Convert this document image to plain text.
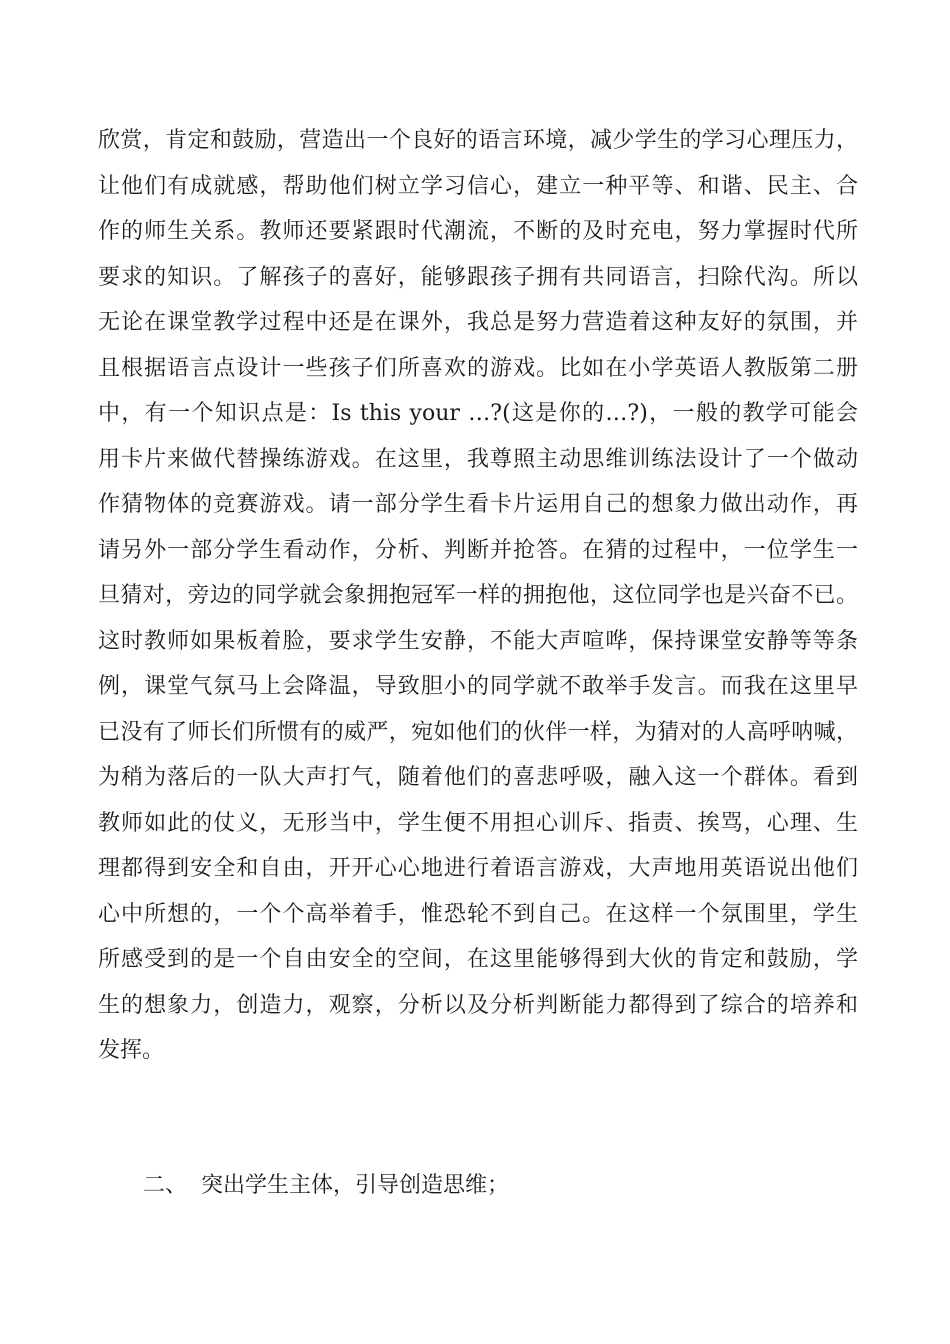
欣赏，肯定和鼓励，营造出一个良好的语言环境，减少学生的学习心理压力，
让他们有成就感，帮助他们树立学习信心，建立一种平等、和谐、民主、合
作的师生关系。教师还要紧跟时代潮流，不断的及时充电，努力掌握时代所
要求的知识。了解孩子的喜好，能够跟孩子拥有共同语言，扫除代沟。所以
无论在课堂教学过程中还是在课外，我总是努力营造着这种友好的氛围，并
且根据语言点设计一些孩子们所喜欢的游戏。比如在小学英语人教版第二册
中，有一个知识点是：Is this your …?(这是你的…?)，一般的教学可能会
用卡片来做代替操练游戏。在这里，我尊照主动思维训练法设计了一个做动
作猜物体的竞赛游戏。请一部分学生看卡片运用自己的想象力做出动作，再
请另外一部分学生看动作，分析、判断并抢答。在猜的过程中，一位学生一
旦猜对，旁边的同学就会象拥抱冠军一样的拥抱他，这位同学也是兴奋不已。
这时教师如果板着脸，要求学生安静，不能大声喧哗，保持课堂安静等等条
例，课堂气氛马上会降温，导致胆小的同学就不敢举手发言。而我在这里早
已没有了师长们所惯有的威严，宛如他们的伙伴一样，为猜对的人高呼呐喊，
为稍为落后的一队大声打气，随着他们的喜悲呼吸，融入这一个群体。看到
教师如此的仗义，无形当中，学生便不用担心训斥、指责、挨骂，心理、生
理都得到安全和自由，开开心心地进行着语言游戏，大声地用英语说出他们
心中所想的，一个个高举着手，惟恐轮不到自己。在这样一个氛围里，学生
所感受到的是一个自由安全的空间，在这里能够得到大伙的肯定和鼓励，学
生的想象力，创造力，观察，分析以及分析判断能力都得到了综合的培养和
发挥。
二、 突出学生主体，引导创造思维；
